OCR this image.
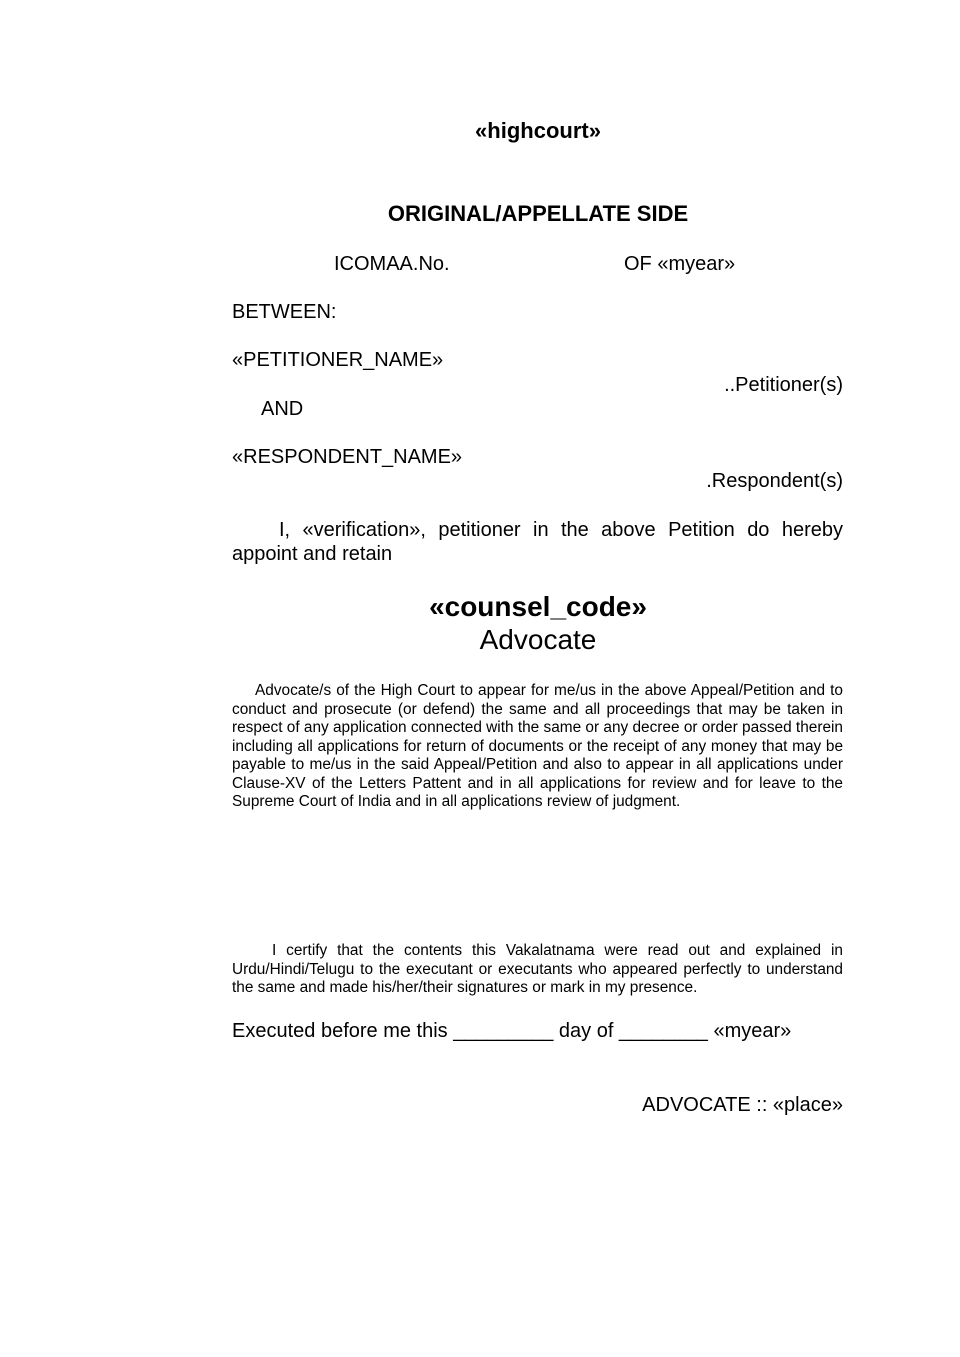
«highcourt»
ORIGINAL/APPELLATE SIDE
ICOMAA.No.	OF «myear»
BETWEEN:
«PETITIONER_NAME»
..Petitioner(s)
AND
«RESPONDENT_NAME»
.Respondent(s)
I, «verification», petitioner in the above Petition do hereby appoint and retain
«counsel_code»
Advocate
Advocate/s of the High Court to appear for me/us in the above Appeal/Petition and to conduct and prosecute (or defend) the same and all proceedings that may be taken in respect of any application connected with the same or any decree or order passed therein including all applications for return of documents or the receipt of any money that may be payable to me/us in the said Appeal/Petition and also to appear in all applications under Clause-XV of the Letters Pattent and in all applications for review and for leave to the Supreme Court of India and in all applications review of judgment.
I certify that the contents this Vakalatnama were read out and explained in Urdu/Hindi/Telugu to the executant or executants who appeared perfectly to understand the same and made his/her/their signatures or mark in my presence.
Executed before me this _________ day of ________ «myear»
ADVOCATE :: «place»
